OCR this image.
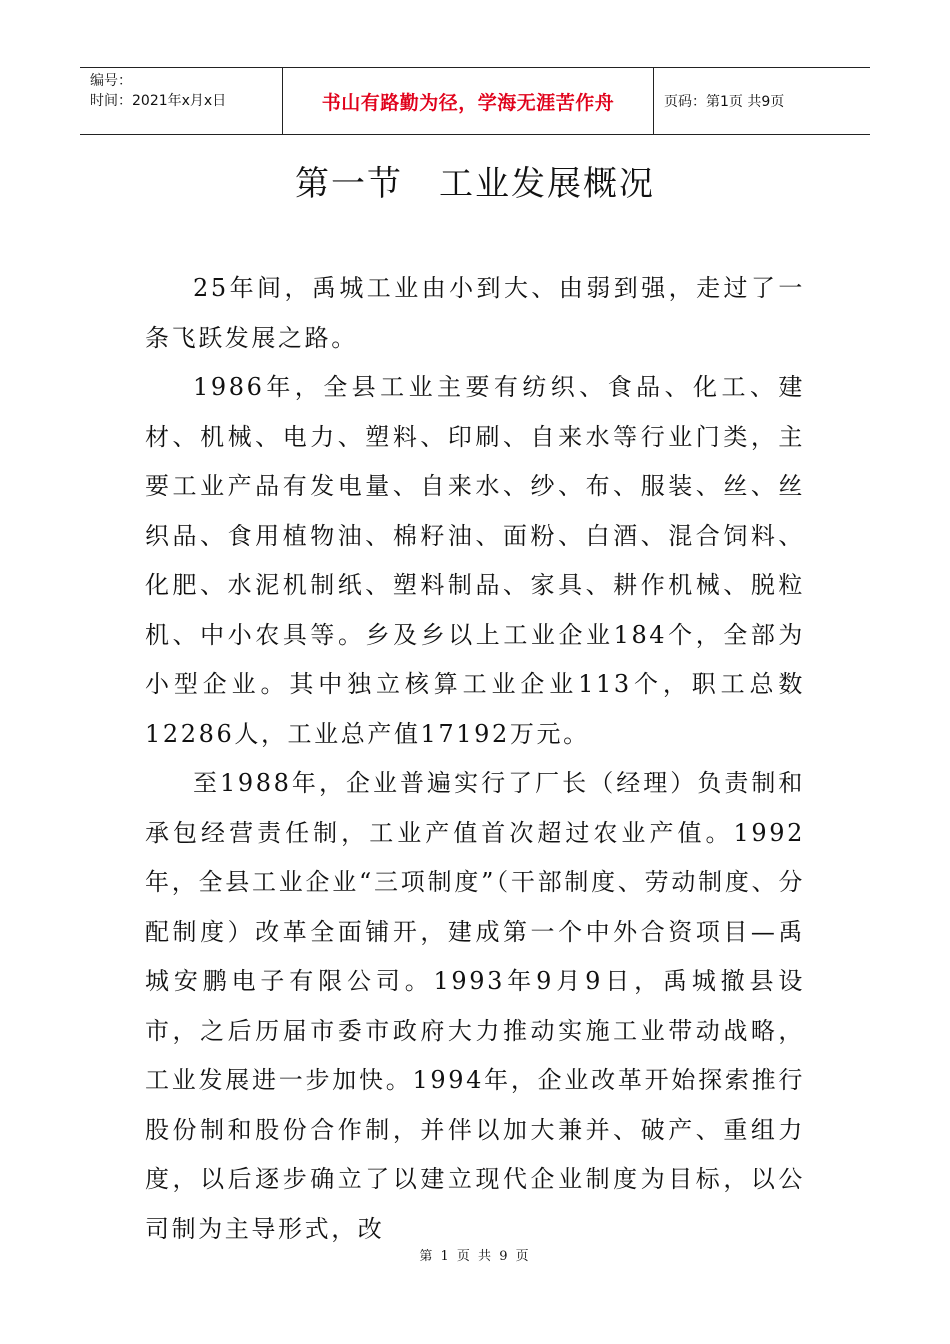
编号：
时间：2021年x月x日	书山有路勤为径，学海无涯苦作舟	页码：第1页 共9页
第一节　工业发展概况

25年间，禹城工业由小到大、由弱到强，走过了一条飞跃发展之路。

1986年，全县工业主要有纺织、食品、化工、建材、机械、电力、塑料、印刷、自来水等行业门类，主要工业产品有发电量、自来水、纱、布、服装、丝、丝织品、食用植物油、棉籽油、面粉、白酒、混合饲料、化肥、水泥机制纸、塑料制品、家具、耕作机械、脱粒机、中小农具等。乡及乡以上工业企业184个，全部为小型企业。其中独立核算工业企业113个，职工总数12286人，工业总产值17192万元。

至1988年，企业普遍实行了厂长（经理）负责制和承包经营责任制，工业产值首次超过农业产值。1992年，全县工业企业“三项制度”（干部制度、劳动制度、分配制度）改革全面铺开，建成第一个中外合资项目—禹城安鹏电子有限公司。1993年9月9日，禹城撤县设市，之后历届市委市政府大力推动实施工业带动战略，工业发展进一步加快。1994年，企业改革开始探索推行股份制和股份合作制，并伴以加大兼并、破产、重组力度，以后逐步确立了以建立现代企业制度为目标，以公司制为主导形式，改

第 1 页 共 9 页
